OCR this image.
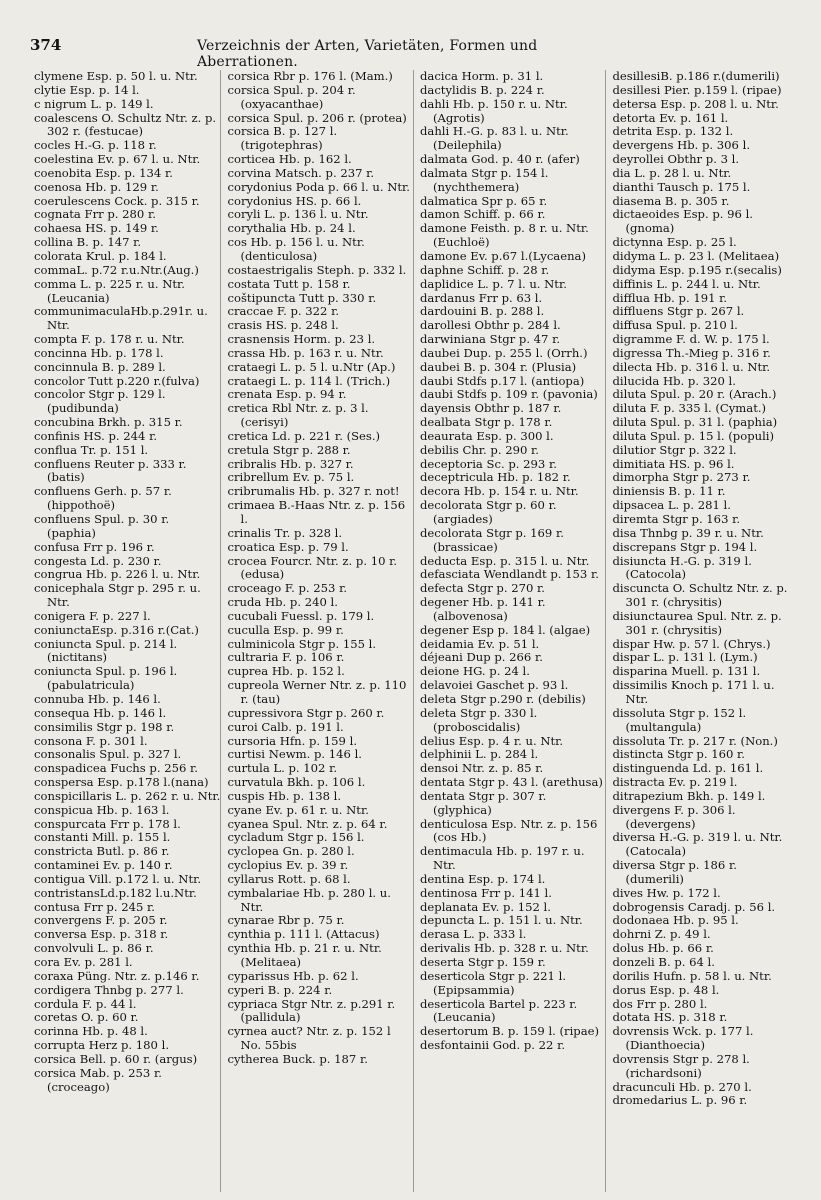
374	Verzeichnis der Arten, Varietäten, Formen und Aberrationen.

clymene Esp. p. 50 l. u. Ntr.

clytie Esp. p. 14 l.

c nigrum L. p. 149 l.

coalescens O. Schultz Ntr. z. p. 302 r. (festucae)

cocles H.-G. p. 118 r.

coelestina Ev. p. 67 l. u. Ntr.

coenobita Esp. p. 134 r.

coenosa Hb. p. 129 r.

coerulescens Cock. p. 315 r.

cognata Frr p. 280 r.

cohaesa HS. p. 149 r.

collina B. p. 147 r.

colorata Krul. p. 184 l.

commaL. p.72 r.u.Ntr.(Aug.)

comma L. p. 225 r. u. Ntr. (Leucania)

communimaculaHb.p.291r. u. Ntr.

compta F. p. 178 r. u. Ntr.

concinna Hb. p. 178 l.

concinnula B. p. 289 l.

concolor Tutt p.220 r.(fulva)

concolor Stgr p. 129 l. (pudibunda)

concubina Brkh. p. 315 r.

confinis HS. p. 244 r.

conflua Tr. p. 151 l.

confluens Reuter p. 333 r. (batis)

confluens Gerh. p. 57 r. (hippothoë)

confluens Spul. p. 30 r. (paphia)

confusa Frr p. 196 r.

congesta Ld. p. 230 r.

congrua Hb. p. 226 l. u. Ntr.

conicephala Stgr p. 295 r. u. Ntr.

conigera F. p. 227 l.

coniunctaEsp. p.316 r.(Cat.)

coniuncta Spul. p. 214 l. (nictitans)

coniuncta Spul. p. 196 l. (pabulatricula)

connuba Hb. p. 146 l.

consequa Hb. p. 146 l.

consimilis Stgr p. 198 r.

consona F. p. 301 l.

consonalis Spul. p. 327 l.

conspadicea Fuchs p. 256 r.

conspersa Esp. p.178 l.(nana)

conspicillaris L. p. 262 r. u. Ntr.

conspicua Hb. p. 163 l.

conspurcata Frr p. 178 l.

constanti Mill. p. 155 l.

constricta Butl. p. 86 r.

contaminei Ev. p. 140 r.

contigua Vill. p.172 l. u. Ntr.

contristansLd.p.182 l.u.Ntr.

contusa Frr p. 245 r.

convergens F. p. 205 r.

conversa Esp. p. 318 r.

convolvuli L. p. 86 r.

cora Ev. p. 281 l.

coraxa Püng. Ntr. z. p.146 r.

cordigera Thnbg p. 277 l.

cordula F. p. 44 l.

coretas O. p. 60 r.

corinna Hb. p. 48 l.

corrupta Herz p. 180 l.

corsica Bell. p. 60 r. (argus)

corsica Mab. p. 253 r. (croceago)

corsica Rbr p. 176 l. (Mam.)

corsica Spul. p. 204 r. (oxyacanthae)

corsica Spul. p. 206 r. (protea)

corsica B. p. 127 l. (trigotephras)

corticea Hb. p. 162 l.

corvina Matsch. p. 237 r.

corydonius Poda p. 66 l. u. Ntr.

corydonius HS. p. 66 l.

coryli L. p. 136 l. u. Ntr.

corythalia Hb. p. 24 l.

cos Hb. p. 156 l. u. Ntr. (denticulosa)

costaestrigalis Steph. p. 332 l.

costata Tutt p. 158 r.

coštipuncta Tutt p. 330 r.

craccae F. p. 322 r.

crasis HS. p. 248 l.

crasnensis Horm. p. 23 l.

crassa Hb. p. 163 r. u. Ntr.

crataegi L. p. 5 l. u.Ntr (Ap.)

crataegi L. p. 114 l. (Trich.)

crenata Esp. p. 94 r.

cretica Rbl Ntr. z. p. 3 l. (cerisyi)

cretica Ld. p. 221 r. (Ses.)

cretula Stgr p. 288 r.

cribralis Hb. p. 327 r.

cribrellum Ev. p. 75 l.

cribrumalis Hb. p. 327 r. not!

crimaea B.-Haas Ntr. z. p. 156 l.

crinalis Tr. p. 328 l.

croatica Esp. p. 79 l.

crocea Fourcr. Ntr. z. p. 10 r. (edusa)

croceago F. p. 253 r.

cruda Hb. p. 240 l.

cucubali Fuessl. p. 179 l.

cuculla Esp. p. 99 r.

culminicola Stgr p. 155 l.

cultraria F. p. 106 r.

cuprea Hb. p. 152 l.

cupreola Werner Ntr. z. p. 110 r. (tau)

cupressivora Stgr p. 260 r.

curoi Calb. p. 191 l.

cursoria Hfn. p. 159 l.

curtisi Newm. p. 146 l.

curtula L. p. 102 r.

curvatula Bkh. p. 106 l.

cuspis Hb. p. 138 l.

cyane Ev. p. 61 r. u. Ntr.

cyanea Spul. Ntr. z. p. 64 r.

cycladum Stgr p. 156 l.

cyclopea Gn. p. 280 l.

cyclopius Ev. p. 39 r.

cyllarus Rott. p. 68 l.

cymbalariae Hb. p. 280 l. u. Ntr.

cynarae Rbr p. 75 r.

cynthia p. 111 l. (Attacus)

cynthia Hb. p. 21 r. u. Ntr. (Melitaea)

cyparissus Hb. p. 62 l.

cyperi B. p. 224 r.

cypriaca Stgr Ntr. z. p.291 r. (pallidula)

cyrnea auct? Ntr. z. p. 152 l No. 55bis

cytherea Buck. p. 187 r.

dacica Horm. p. 31 l.

dactylidis B. p. 224 r.

dahli Hb. p. 150 r. u. Ntr. (Agrotis)

dahli H.-G. p. 83 l. u. Ntr. (Deilephila)

dalmata God. p. 40 r. (afer)

dalmata Stgr p. 154 l. (nychthemera)

dalmatica Spr p. 65 r.

damon Schiff. p. 66 r.

damone Feisth. p. 8 r. u. Ntr. (Euchloë)

damone Ev. p.67 l.(Lycaena)

daphne Schiff. p. 28 r.

daplidice L. p. 7 l. u. Ntr.

dardanus Frr p. 63 l.

dardouini B. p. 288 l.

darollesi Obthr p. 284 l.

darwiniana Stgr p. 47 r.

daubei Dup. p. 255 l. (Orrh.)

daubei B. p. 304 r. (Plusia)

daubi Stdfs p.17 l. (antiopa)

daubi Stdfs p. 109 r. (pavonia)

dayensis Obthr p. 187 r.

dealbata Stgr p. 178 r.

deaurata Esp. p. 300 l.

debilis Chr. p. 290 r.

deceptoria Sc. p. 293 r.

deceptricula Hb. p. 182 r.

decora Hb. p. 154 r. u. Ntr.

decolorata Stgr p. 60 r. (argiades)

decolorata Stgr p. 169 r. (brassicae)

deducta Esp. p. 315 l. u. Ntr.

defasciata Wendlandt p. 153 r.

defecta Stgr p. 270 r.

degener Hb. p. 141 r. (albovenosa)

degener Esp p. 184 l. (algae)

deidamia Ev. p. 51 l.

déjeani Dup p. 266 r.

deione HG. p. 24 l.

delavoiei Gaschet p. 93 l.

deleta Stgr p.290 r. (debilis)

deleta Stgr p. 330 l. (proboscidalis)

delius Esp. p. 4 r. u. Ntr.

delphinii L. p. 284 l.

densoi Ntr. z. p. 85 r.

dentata Stgr p. 43 l. (arethusa)

dentata Stgr p. 307 r. (glyphica)

denticulosa Esp. Ntr. z. p. 156 (cos Hb.)

dentimacula Hb. p. 197 r. u. Ntr.

dentina Esp. p. 174 l.

dentinosa Frr p. 141 l.

deplanata Ev. p. 152 l.

depuncta L. p. 151 l. u. Ntr.

derasa L. p. 333 l.

derivalis Hb. p. 328 r. u. Ntr.

deserta Stgr p. 159 r.

deserticola Stgr p. 221 l. (Epipsammia)

deserticola Bartel p. 223 r. (Leucania)

desertorum B. p. 159 l. (ripae)

desfontainii God. p. 22 r.

desillesiB. p.186 r.(dumerili)

desillesi Pier. p.159 l. (ripae)

detersa Esp. p. 208 l. u. Ntr.

detorta Ev. p. 161 l.

detrita Esp. p. 132 l.

devergens Hb. p. 306 l.

deyrollei Obthr p. 3 l.

dia L. p. 28 l. u. Ntr.

dianthi Tausch p. 175 l.

diasema B. p. 305 r.

dictaeoides Esp. p. 96 l. (gnoma)

dictynna Esp. p. 25 l.

didyma L. p. 23 l. (Melitaea)

didyma Esp. p.195 r.(secalis)

diffinis L. p. 244 l. u. Ntr.

difflua Hb. p. 191 r.

diffluens Stgr p. 267 l.

diffusa Spul. p. 210 l.

digramme F. d. W. p. 175 l.

digressa Th.-Mieg p. 316 r.

dilecta Hb. p. 316 l. u. Ntr.

dilucida Hb. p. 320 l.

diluta Spul. p. 20 r. (Arach.)

diluta F. p. 335 l. (Cymat.)

diluta Spul. p. 31 l. (paphia)

diluta Spul. p. 15 l. (populi)

dilutior Stgr p. 322 l.

dimitiata HS. p. 96 l.

dimorpha Stgr p. 273 r.

diniensis B. p. 11 r.

dipsacea L. p. 281 l.

diremta Stgr p. 163 r.

disa Thnbg p. 39 r. u. Ntr.

discrepans Stgr p. 194 l.

disiuncta H.-G. p. 319 l. (Catocola)

discuncta O. Schultz Ntr. z. p. 301 r. (chrysitis)

disiunctaurea Spul. Ntr. z. p. 301 r. (chrysitis)

dispar Hw. p. 57 l. (Chrys.)

dispar L. p. 131 l. (Lym.)

disparina Muell. p. 131 l.

dissimilis Knoch p. 171 l. u. Ntr.

dissoluta Stgr p. 152 l. (multangula)

dissoluta Tr. p. 217 r. (Non.)

distincta Stgr p. 160 r.

distinguenda Ld. p. 161 l.

distracta Ev. p. 219 l.

ditrapezium Bkh. p. 149 l.

divergens F. p. 306 l. (devergens)

diversa H.-G. p. 319 l. u. Ntr. (Catocala)

diversa Stgr p. 186 r. (dumerili)

dives Hw. p. 172 l.

dobrogensis Caradj. p. 56 l.

dodonaea Hb. p. 95 l.

dohrni Z. p. 49 l.

dolus Hb. p. 66 r.

donzeli B. p. 64 l.

dorilis Hufn. p. 58 l. u. Ntr.

dorus Esp. p. 48 l.

dos Frr p. 280 l.

dotata HS. p. 318 r.

dovrensis Wck. p. 177 l. (Dianthoecia)

dovrensis Stgr p. 278 l. (richardsoni)

dracunculi Hb. p. 270 l.

dromedarius L. p. 96 r.
